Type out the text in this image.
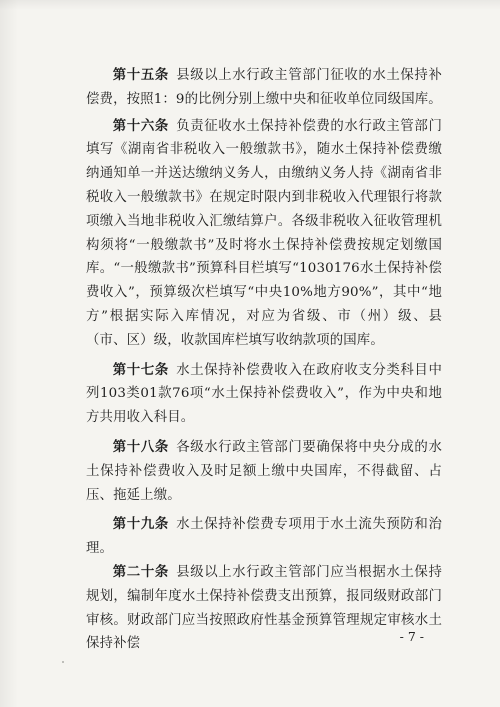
第十五条 县级以上水行政主管部门征收的水土保持补偿费，按照1：9的比例分别上缴中央和征收单位同级国库。

第十六条 负责征收水土保持补偿费的水行政主管部门填写《湖南省非税收入一般缴款书》，随水土保持补偿费缴纳通知单一并送达缴纳义务人，由缴纳义务人持《湖南省非税收入一般缴款书》在规定时限内到非税收入代理银行将款项缴入当地非税收入汇缴结算户。各级非税收入征收管理机构须将“一般缴款书”及时将水土保持补偿费按规定划缴国库。“一般缴款书”预算科目栏填写“1030176水土保持补偿费收入”，预算级次栏填写“中央10%地方90%”，其中“地方”根据实际入库情况，对应为省级、市（州）级、县（市、区）级，收款国库栏填写收纳款项的国库。

第十七条 水土保持补偿费收入在政府收支分类科目中列103类01款76项“水土保持补偿费收入”，作为中央和地方共用收入科目。

第十八条 各级水行政主管部门要确保将中央分成的水土保持补偿费收入及时足额上缴中央国库，不得截留、占压、拖延上缴。

第十九条 水土保持补偿费专项用于水土流失预防和治理。

第二十条 县级以上水行政主管部门应当根据水土保持规划，编制年度水土保持补偿费支出预算，报同级财政部门审核。财政部门应当按照政府性基金预算管理规定审核水土保持补偿	- 7 -
